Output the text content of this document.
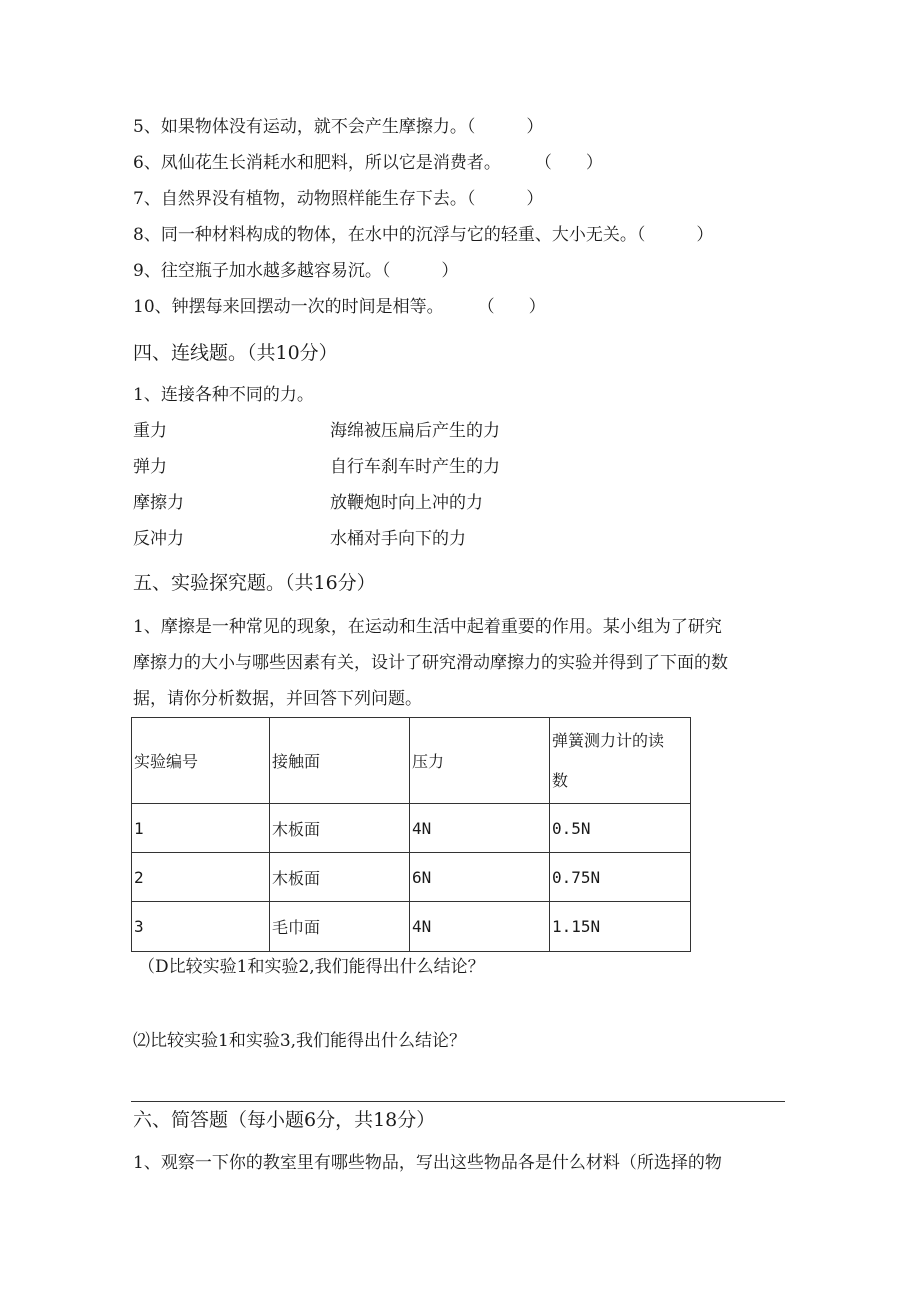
5、如果物体没有运动，就不会产生摩擦力。（　　　）
6、凤仙花生长消耗水和肥料，所以它是消费者。　　　（　　）
7、自然界没有植物，动物照样能生存下去。（　　　）
8、同一种材料构成的物体，在水中的沉浮与它的轻重、大小无关。（　　　）
9、往空瓶子加水越多越容易沉。（　　　）
10、钟摆每来回摆动一次的时间是相等。　　　（　　）
四、连线题。（共10分）
1、连接各种不同的力。
重力	海绵被压扁后产生的力
弹力	自行车刹车时产生的力
摩擦力	放鞭炮时向上冲的力
反冲力	水桶对手向下的力
五、实验探究题。（共16分）
1、摩擦是一种常见的现象，在运动和生活中起着重要的作用。某小组为了研究
摩擦力的大小与哪些因素有关，设计了研究滑动摩擦力的实验并得到了下面的数
据，请你分析数据，并回答下列问题。
实验编号	接触面	压力	弹簧测力计的读
数
1	木板面	4N	0.5N
2	木板面	6N	0.75N
3	毛巾面	4N	1.15N
（D比较实验1和实验2,我们能得出什么结论？
⑵比较实验1和实验3,我们能得出什么结论？
六、简答题（每小题6分，共18分）
1、观察一下你的教室里有哪些物品，写出这些物品各是什么材料（所选择的物
